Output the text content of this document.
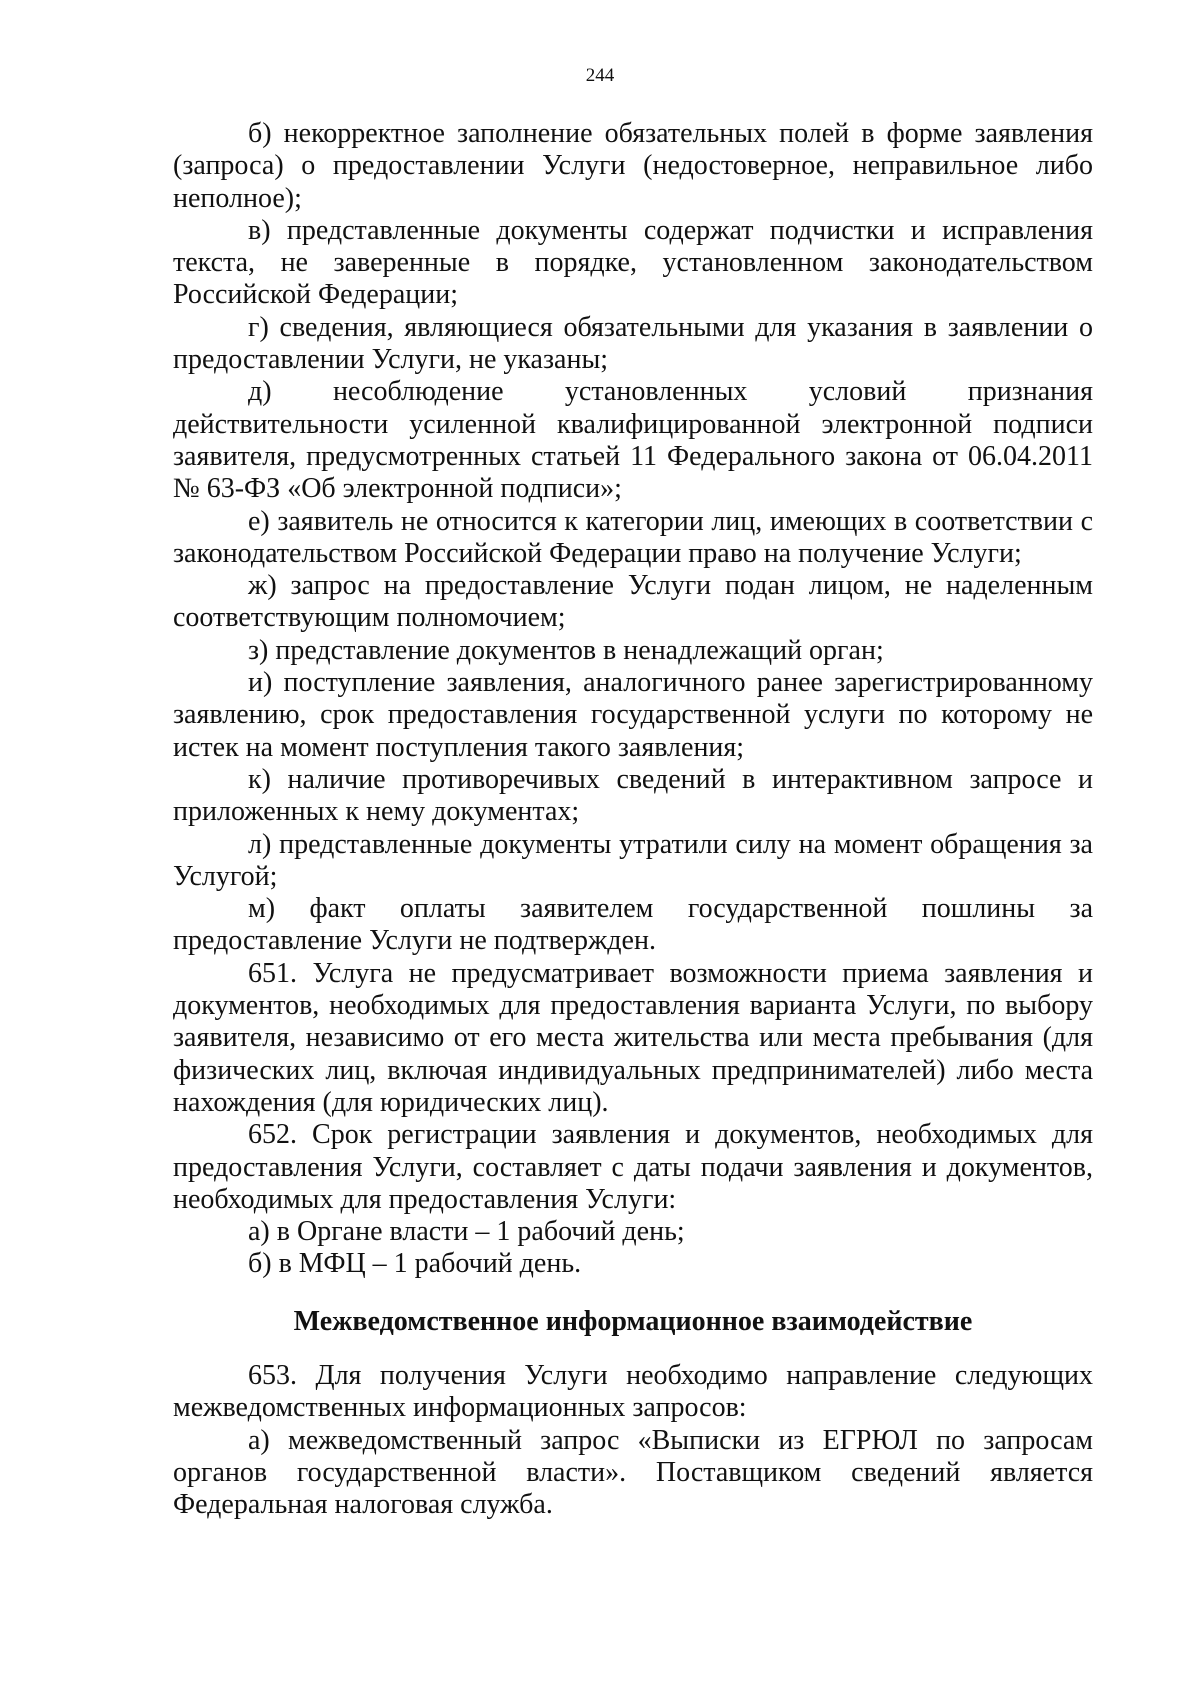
244

б) некорректное заполнение обязательных полей в форме заявления (запроса) о предоставлении Услуги (недостоверное, неправильное либо неполное);

в) представленные документы содержат подчистки и исправления текста, не заверенные в порядке, установленном законодательством Российской Федерации;

г) сведения, являющиеся обязательными для указания в заявлении о предоставлении Услуги, не указаны;

д) несоблюдение установленных условий признания действительности усиленной квалифицированной электронной подписи заявителя, предусмотренных статьей 11 Федерального закона от 06.04.2011 № 63-ФЗ «Об электронной подписи»;

е) заявитель не относится к категории лиц, имеющих в соответствии с законодательством Российской Федерации право на получение Услуги;

ж) запрос на предоставление Услуги подан лицом, не наделенным соответствующим полномочием;

з) представление документов в ненадлежащий орган;

и) поступление заявления, аналогичного ранее зарегистрированному заявлению, срок предоставления государственной услуги по которому не истек на момент поступления такого заявления;

к) наличие противоречивых сведений в интерактивном запросе и приложенных к нему документах;

л) представленные документы утратили силу на момент обращения за Услугой;

м) факт оплаты заявителем государственной пошлины за предоставление Услуги не подтвержден.

651. Услуга не предусматривает возможности приема заявления и документов, необходимых для предоставления варианта Услуги, по выбору заявителя, независимо от его места жительства или места пребывания (для физических лиц, включая индивидуальных предпринимателей) либо места нахождения (для юридических лиц).

652. Срок регистрации заявления и документов, необходимых для предоставления Услуги, составляет с даты подачи заявления и документов, необходимых для предоставления Услуги:

а) в Органе власти – 1 рабочий день;

б) в МФЦ – 1 рабочий день.

Межведомственное информационное взаимодействие

653. Для получения Услуги необходимо направление следующих межведомственных информационных запросов:

а) межведомственный запрос «Выписки из ЕГРЮЛ по запросам органов государственной власти». Поставщиком сведений является Федеральная налоговая служба.
